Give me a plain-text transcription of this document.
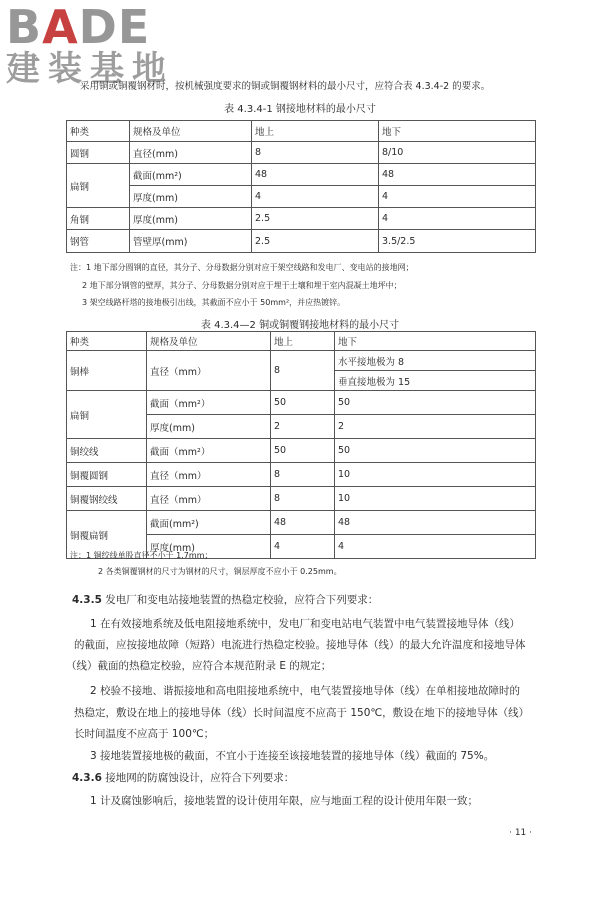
BADE
建装基地
采用铜或铜覆钢材时，按机械强度要求的铜或铜覆钢材料的最小尺寸，应符合表 4.3.4-2 的要求。
表 4.3.4-1 钢接地材料的最小尺寸
种类	规格及单位	地上	地下
圆钢	直径(mm)	8	8/10
扁钢	截面(mm²)	48	48
	厚度(mm)	4	4
角钢	厚度(mm)	2.5	4
钢管	管壁厚(mm)	2.5	3.5/2.5
注：1 地下部分圆钢的直径，其分子、分母数据分别对应于架空线路和发电厂、变电站的接地网；
2 地下部分钢管的壁厚，其分子、分母数据分别对应于埋于土壤和埋于室内混凝土地坪中；
3 架空线路杆塔的接地极引出线，其截面不应小于 50mm²，并应热镀锌。
表 4.3.4—2 铜或铜覆钢接地材料的最小尺寸
种类	规格及单位	地上	地下
铜棒	直径（mm）	8	水平接地极为 8
			垂直接地极为 15
扁铜	截面（mm²）	50	50
	厚度(mm)	2	2
铜绞线	截面（mm²）	50	50
铜覆圆钢	直径（mm）	8	10
铜覆钢绞线	直径（mm）	8	10
铜覆扁钢	截面(mm²)	48	48
	厚度(mm)	4	4
注：1 铜绞线单股直径不小于 1.7mm；
2 各类铜覆钢材的尺寸为钢材的尺寸，铜层厚度不应小于 0.25mm。
4.3.5 发电厂和变电站接地装置的热稳定校验，应符合下列要求：
1 在有效接地系统及低电阻接地系统中，发电厂和变电站电气装置中电气装置接地导体（线）
的截面，应按接地故障（短路）电流进行热稳定校验。接地导体（线）的最大允许温度和接地导体
（线）截面的热稳定校验，应符合本规范附录 E 的规定；
2 校验不接地、谐振接地和高电阻接地系统中，电气装置接地导体（线）在单相接地故障时的
热稳定，敷设在地上的接地导体（线）长时间温度不应高于 150℃，敷设在地下的接地导体（线）
长时间温度不应高于 100℃；
3 接地装置接地极的截面，不宜小于连接至该接地装置的接地导体（线）截面的 75%。
4.3.6 接地网的防腐蚀设计，应符合下列要求：
1 计及腐蚀影响后，接地装置的设计使用年限，应与地面工程的设计使用年限一致；
· 11 ·
